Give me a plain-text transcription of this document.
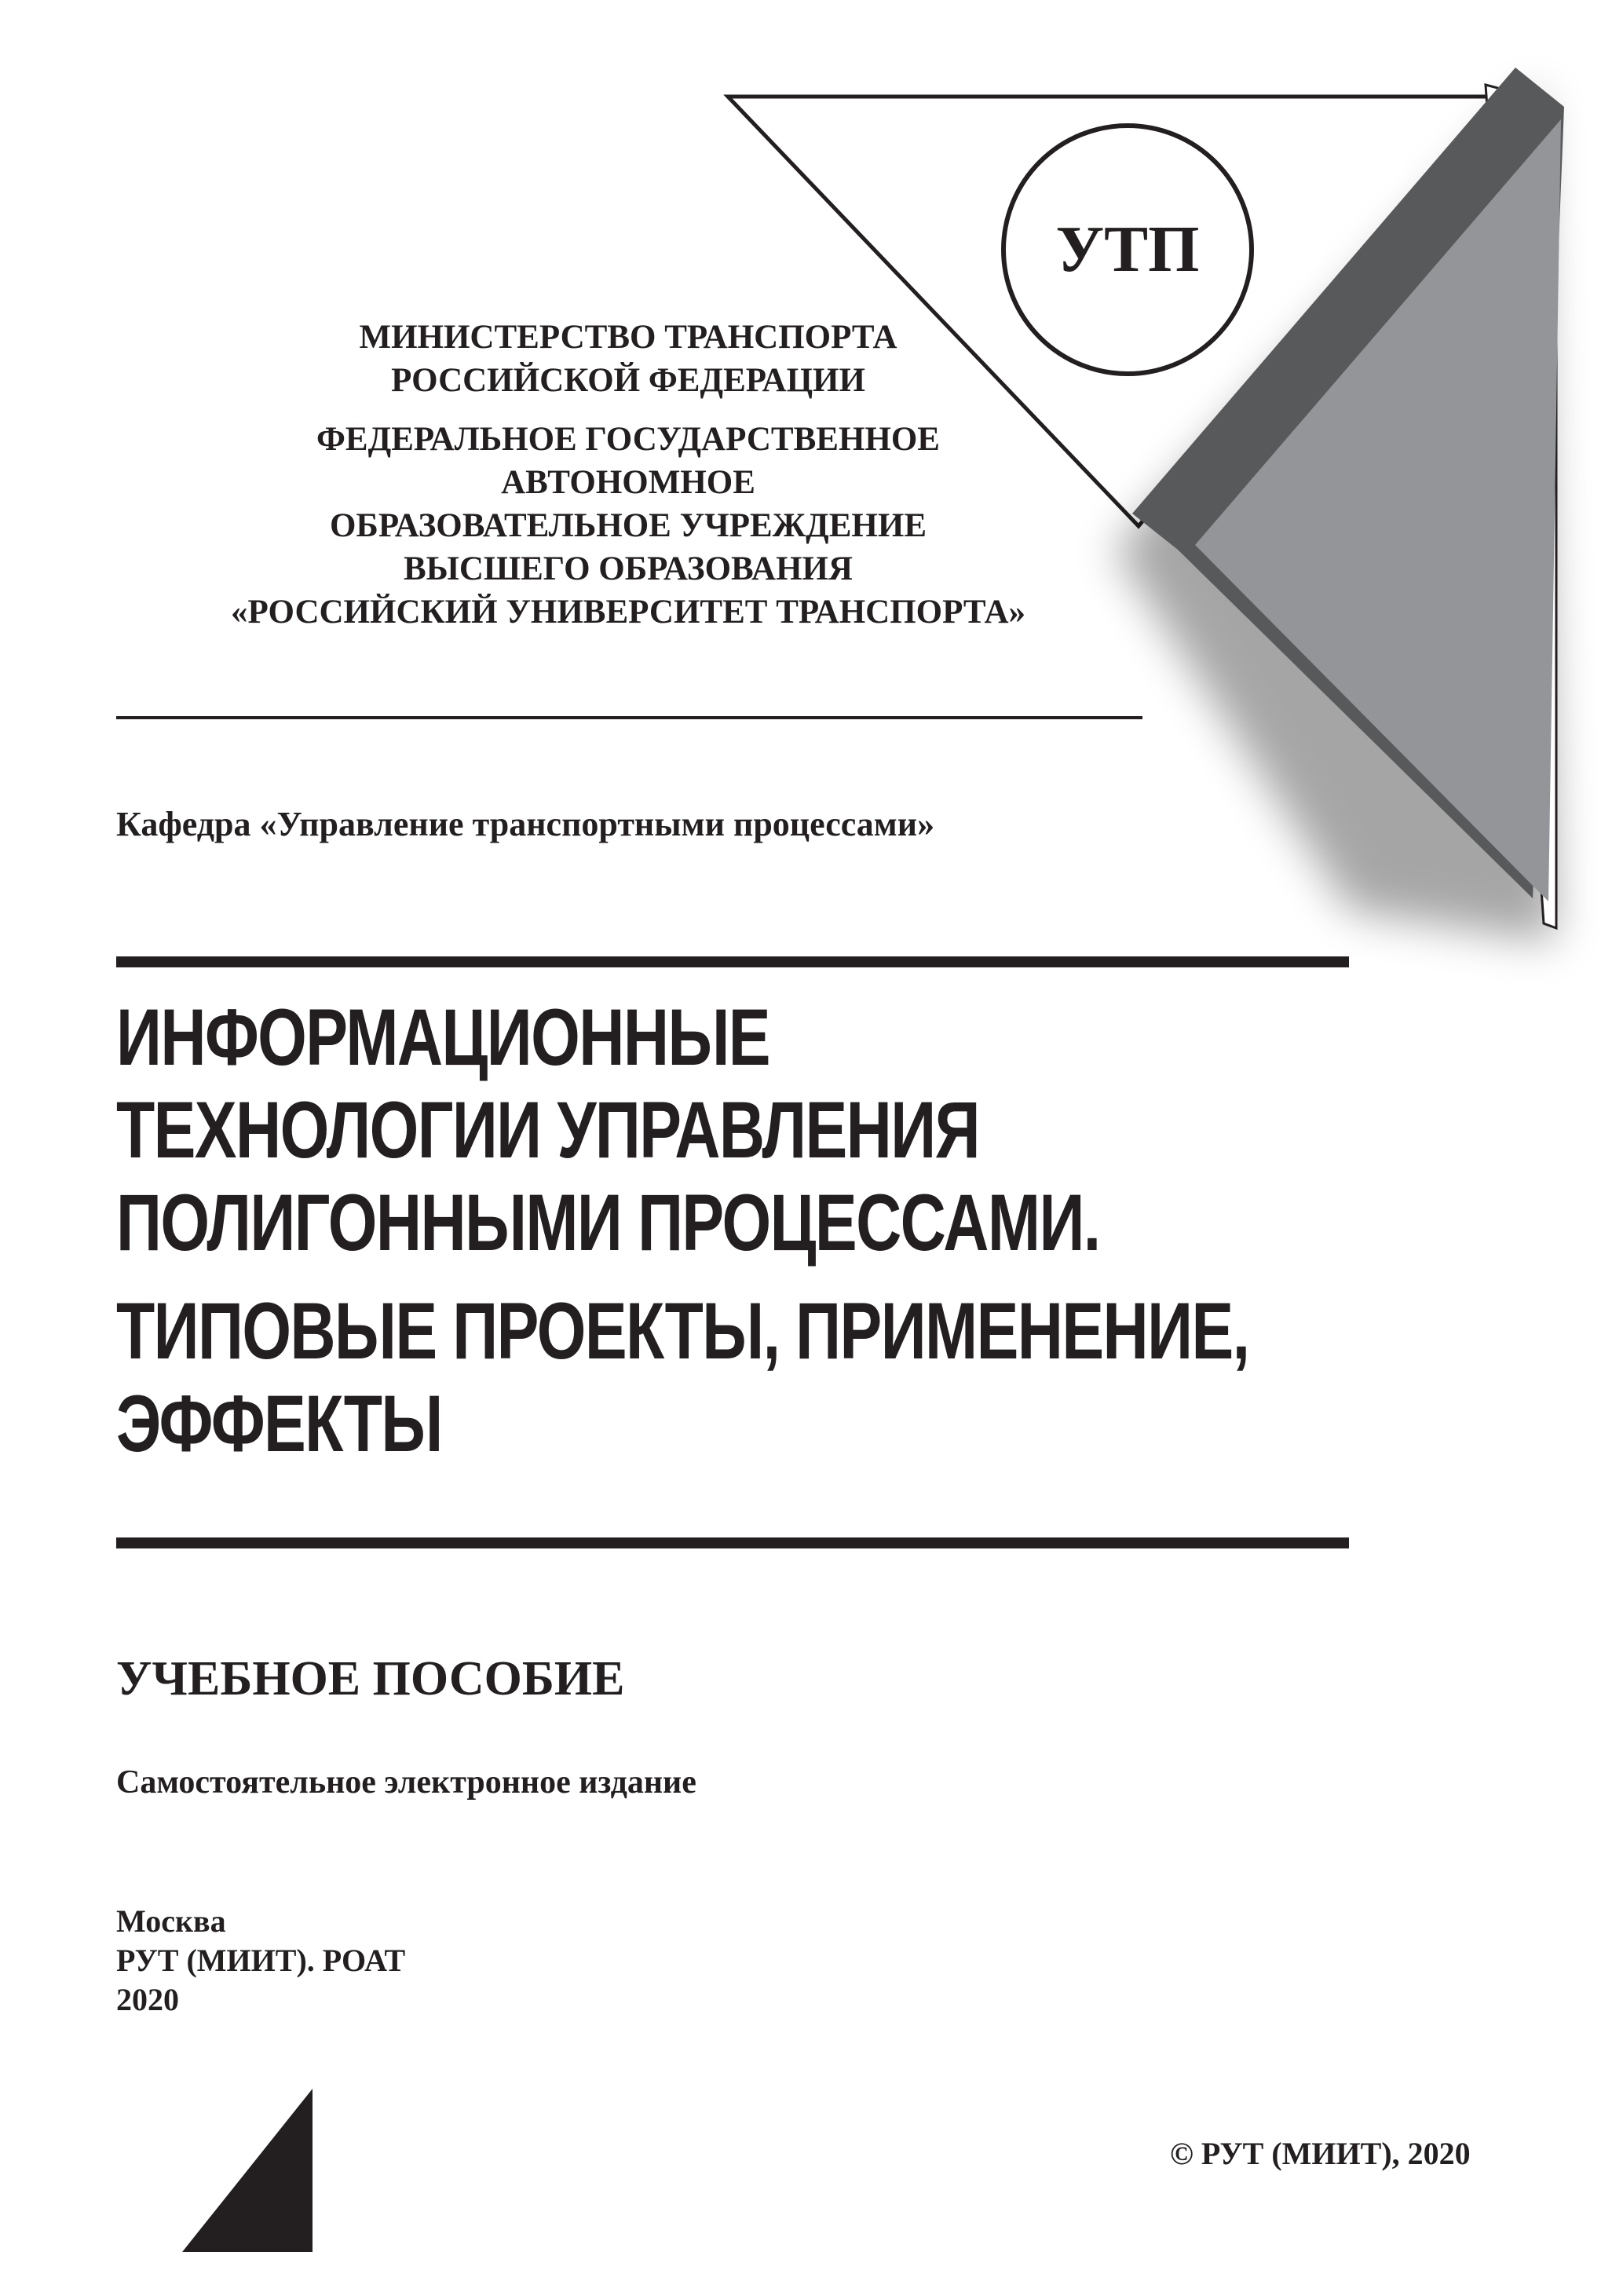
УТП
МИНИСТЕРСТВО ТРАНСПОРТА
РОССИЙСКОЙ ФЕДЕРАЦИИ
ФЕДЕРАЛЬНОЕ ГОСУДАРСТВЕННОЕ
АВТОНОМНОЕ
ОБРАЗОВАТЕЛЬНОЕ УЧРЕЖДЕНИЕ
ВЫСШЕГО ОБРАЗОВАНИЯ
«РОССИЙСКИЙ УНИВЕРСИТЕТ ТРАНСПОРТА»
Кафедра «Управление транспортными процессами»
ИНФОРМАЦИОННЫЕ
ТЕХНОЛОГИИ УПРАВЛЕНИЯ
ПОЛИГОННЫМИ ПРОЦЕССАМИ.
ТИПОВЫЕ ПРОЕКТЫ, ПРИМЕНЕНИЕ,
ЭФФЕКТЫ
УЧЕБНОЕ ПОСОБИЕ
Самостоятельное электронное издание
Москва
РУТ (МИИТ). РОАТ
2020
© РУТ (МИИТ), 2020
